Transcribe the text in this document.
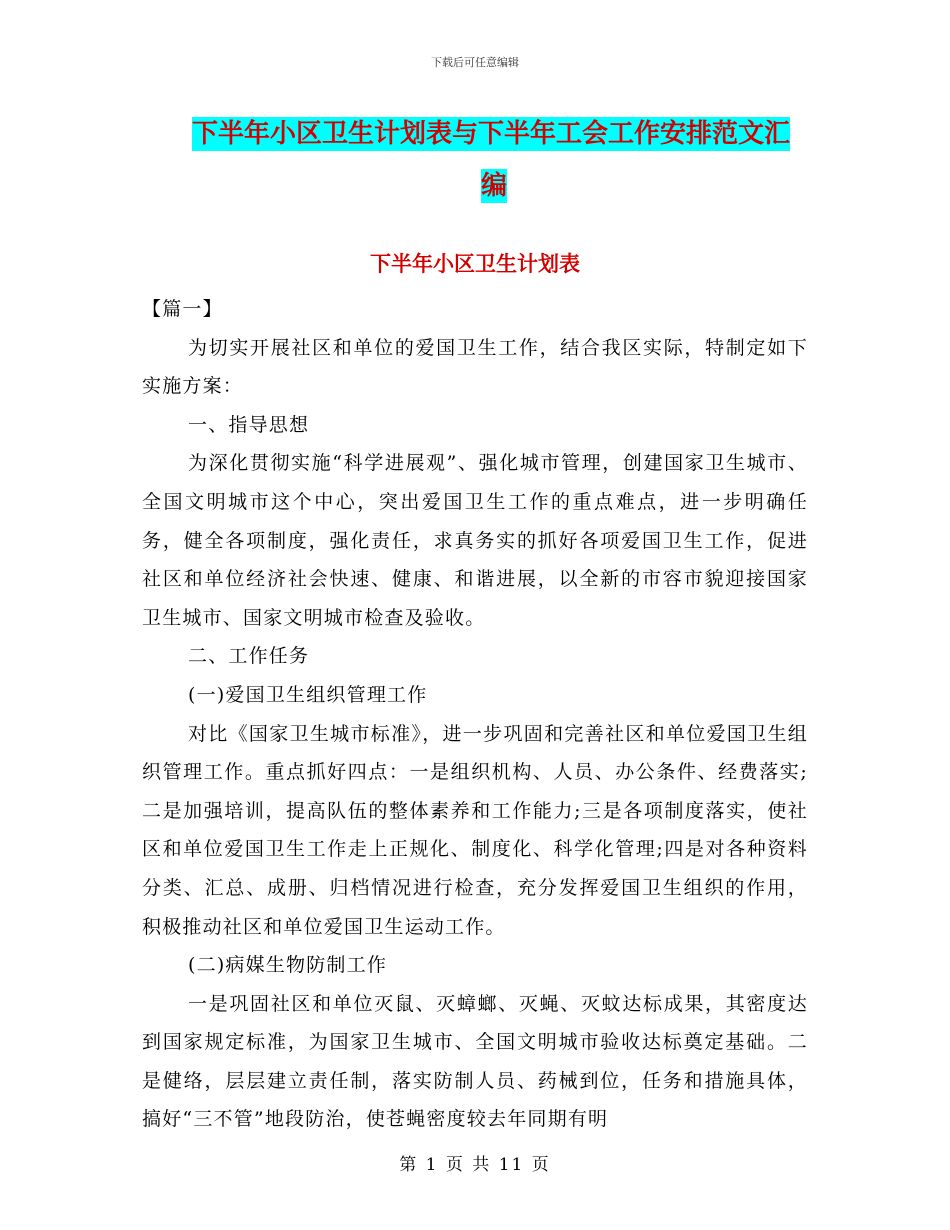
下载后可任意编辑
下半年小区卫生计划表与下半年工会工作安排范文汇
编
下半年小区卫生计划表

【篇一】

为切实开展社区和单位的爱国卫生工作，结合我区实际，特制定如下实施方案：

一、指导思想

为深化贯彻实施“科学进展观”、强化城市管理，创建国家卫生城市、全国文明城市这个中心，突出爱国卫生工作的重点难点，进一步明确任务，健全各项制度，强化责任，求真务实的抓好各项爱国卫生工作，促进社区和单位经济社会快速、健康、和谐进展，以全新的市容市貌迎接国家卫生城市、国家文明城市检查及验收。

二、工作任务

(一)爱国卫生组织管理工作

对比《国家卫生城市标准》，进一步巩固和完善社区和单位爱国卫生组织管理工作。重点抓好四点：一是组织机构、人员、办公条件、经费落实;二是加强培训，提高队伍的整体素养和工作能力;三是各项制度落实，使社区和单位爱国卫生工作走上正规化、制度化、科学化管理;四是对各种资料分类、汇总、成册、归档情况进行检查，充分发挥爱国卫生组织的作用，积极推动社区和单位爱国卫生运动工作。

(二)病媒生物防制工作

一是巩固社区和单位灭鼠、灭蟑螂、灭蝇、灭蚊达标成果，其密度达到国家规定标准，为国家卫生城市、全国文明城市验收达标奠定基础。二是健络，层层建立责任制，落实防制人员、药械到位，任务和措施具体，搞好“三不管”地段防治，使苍蝇密度较去年同期有明

第 1 页 共 11 页
